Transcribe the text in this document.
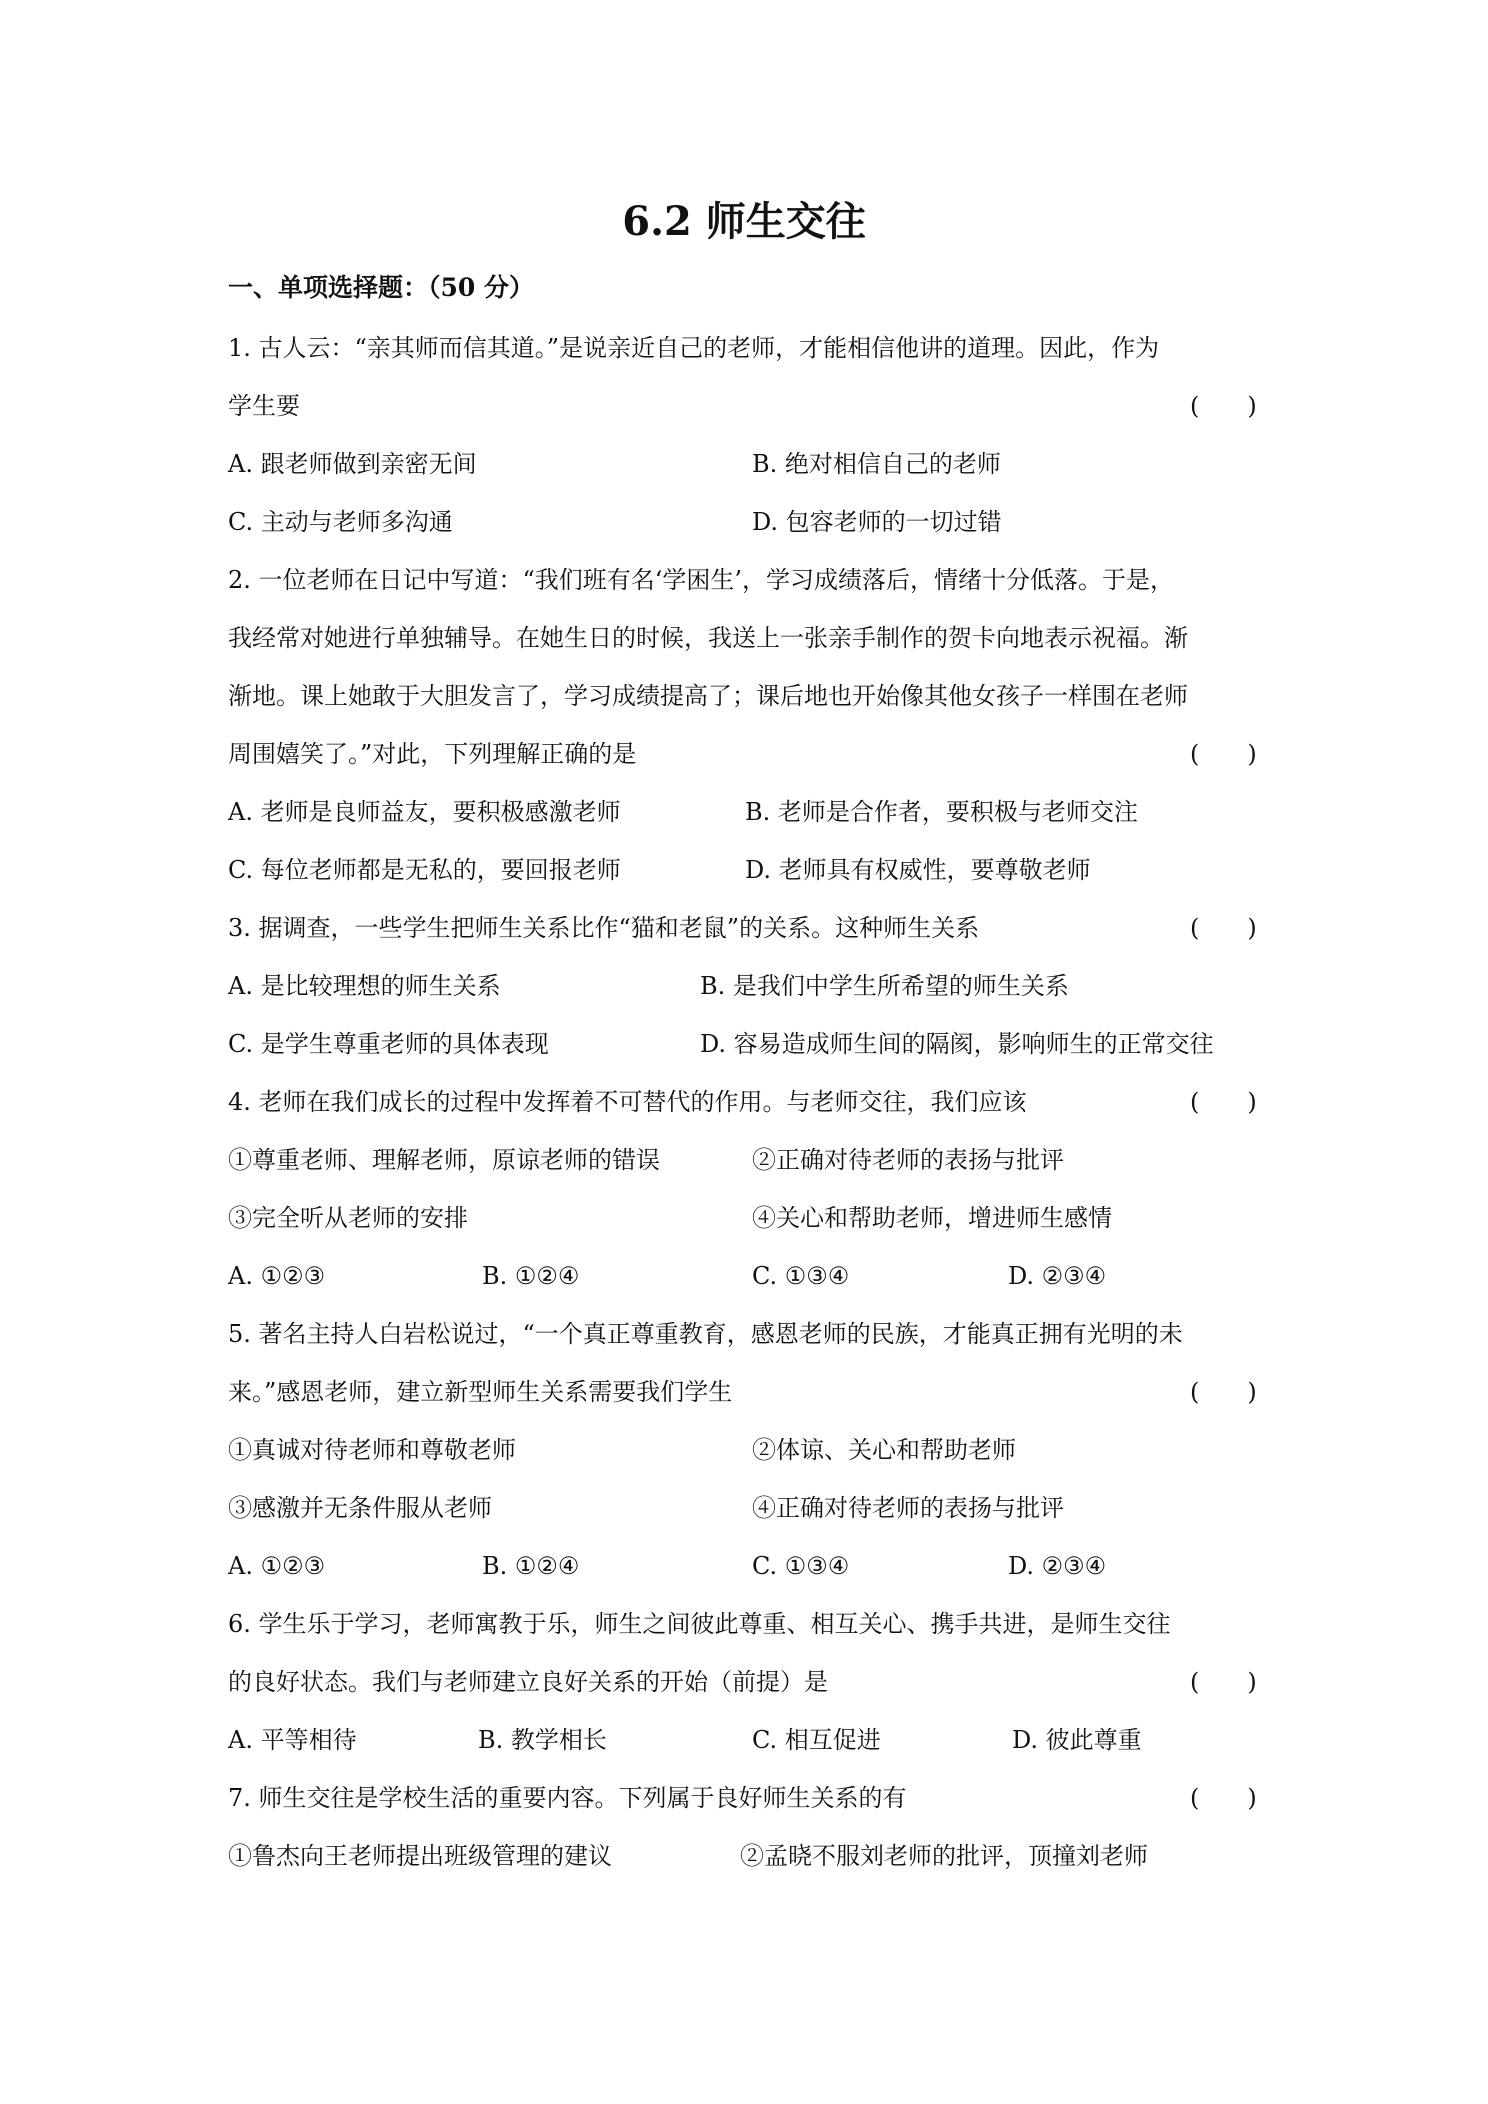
6.2 师生交往
一、单项选择题：（50 分）
1. 古人云：“亲其师而信其道。”是说亲近自己的老师，才能相信他讲的道理。因此，作为
学生要	(　　)
A. 跟老师做到亲密无间	B. 绝对相信自己的老师
C. 主动与老师多沟通	D. 包容老师的一切过错
2. 一位老师在日记中写道：“我们班有名‘学困生’，学习成绩落后，情绪十分低落。于是，
我经常对她进行单独辅导。在她生日的时候，我送上一张亲手制作的贺卡向地表示祝福。渐
渐地。课上她敢于大胆发言了，学习成绩提高了；课后地也开始像其他女孩子一样围在老师
周围嬉笑了。”对此，下列理解正确的是	(　　)
A. 老师是良师益友，要积极感激老师	B. 老师是合作者，要积极与老师交注
C. 每位老师都是无私的，要回报老师	D. 老师具有权威性，要尊敬老师
3. 据调查，一些学生把师生关系比作“猫和老鼠”的关系。这种师生关系	(　　)
A. 是比较理想的师生关系	B. 是我们中学生所希望的师生关系
C. 是学生尊重老师的具体表现	D. 容易造成师生间的隔阂，影响师生的正常交往
4. 老师在我们成长的过程中发挥着不可替代的作用。与老师交往，我们应该	(　　)
①尊重老师、理解老师，原谅老师的错误	②正确对待老师的表扬与批评
③完全听从老师的安排	④关心和帮助老师，增进师生感情
A. ①②③	B. ①②④	C. ①③④	D. ②③④
5. 著名主持人白岩松说过，“一个真正尊重教育，感恩老师的民族，才能真正拥有光明的未
来。”感恩老师，建立新型师生关系需要我们学生	(　　)
①真诚对待老师和尊敬老师	②体谅、关心和帮助老师
③感激并无条件服从老师	④正确对待老师的表扬与批评
A. ①②③	B. ①②④	C. ①③④	D. ②③④
6. 学生乐于学习，老师寓教于乐，师生之间彼此尊重、相互关心、携手共进，是师生交往
的良好状态。我们与老师建立良好关系的开始（前提）是	(　　)
A. 平等相待	B. 教学相长	C. 相互促进	D. 彼此尊重
7. 师生交往是学校生活的重要内容。下列属于良好师生关系的有	(　　)
①鲁杰向王老师提出班级管理的建议	②孟晓不服刘老师的批评，顶撞刘老师
